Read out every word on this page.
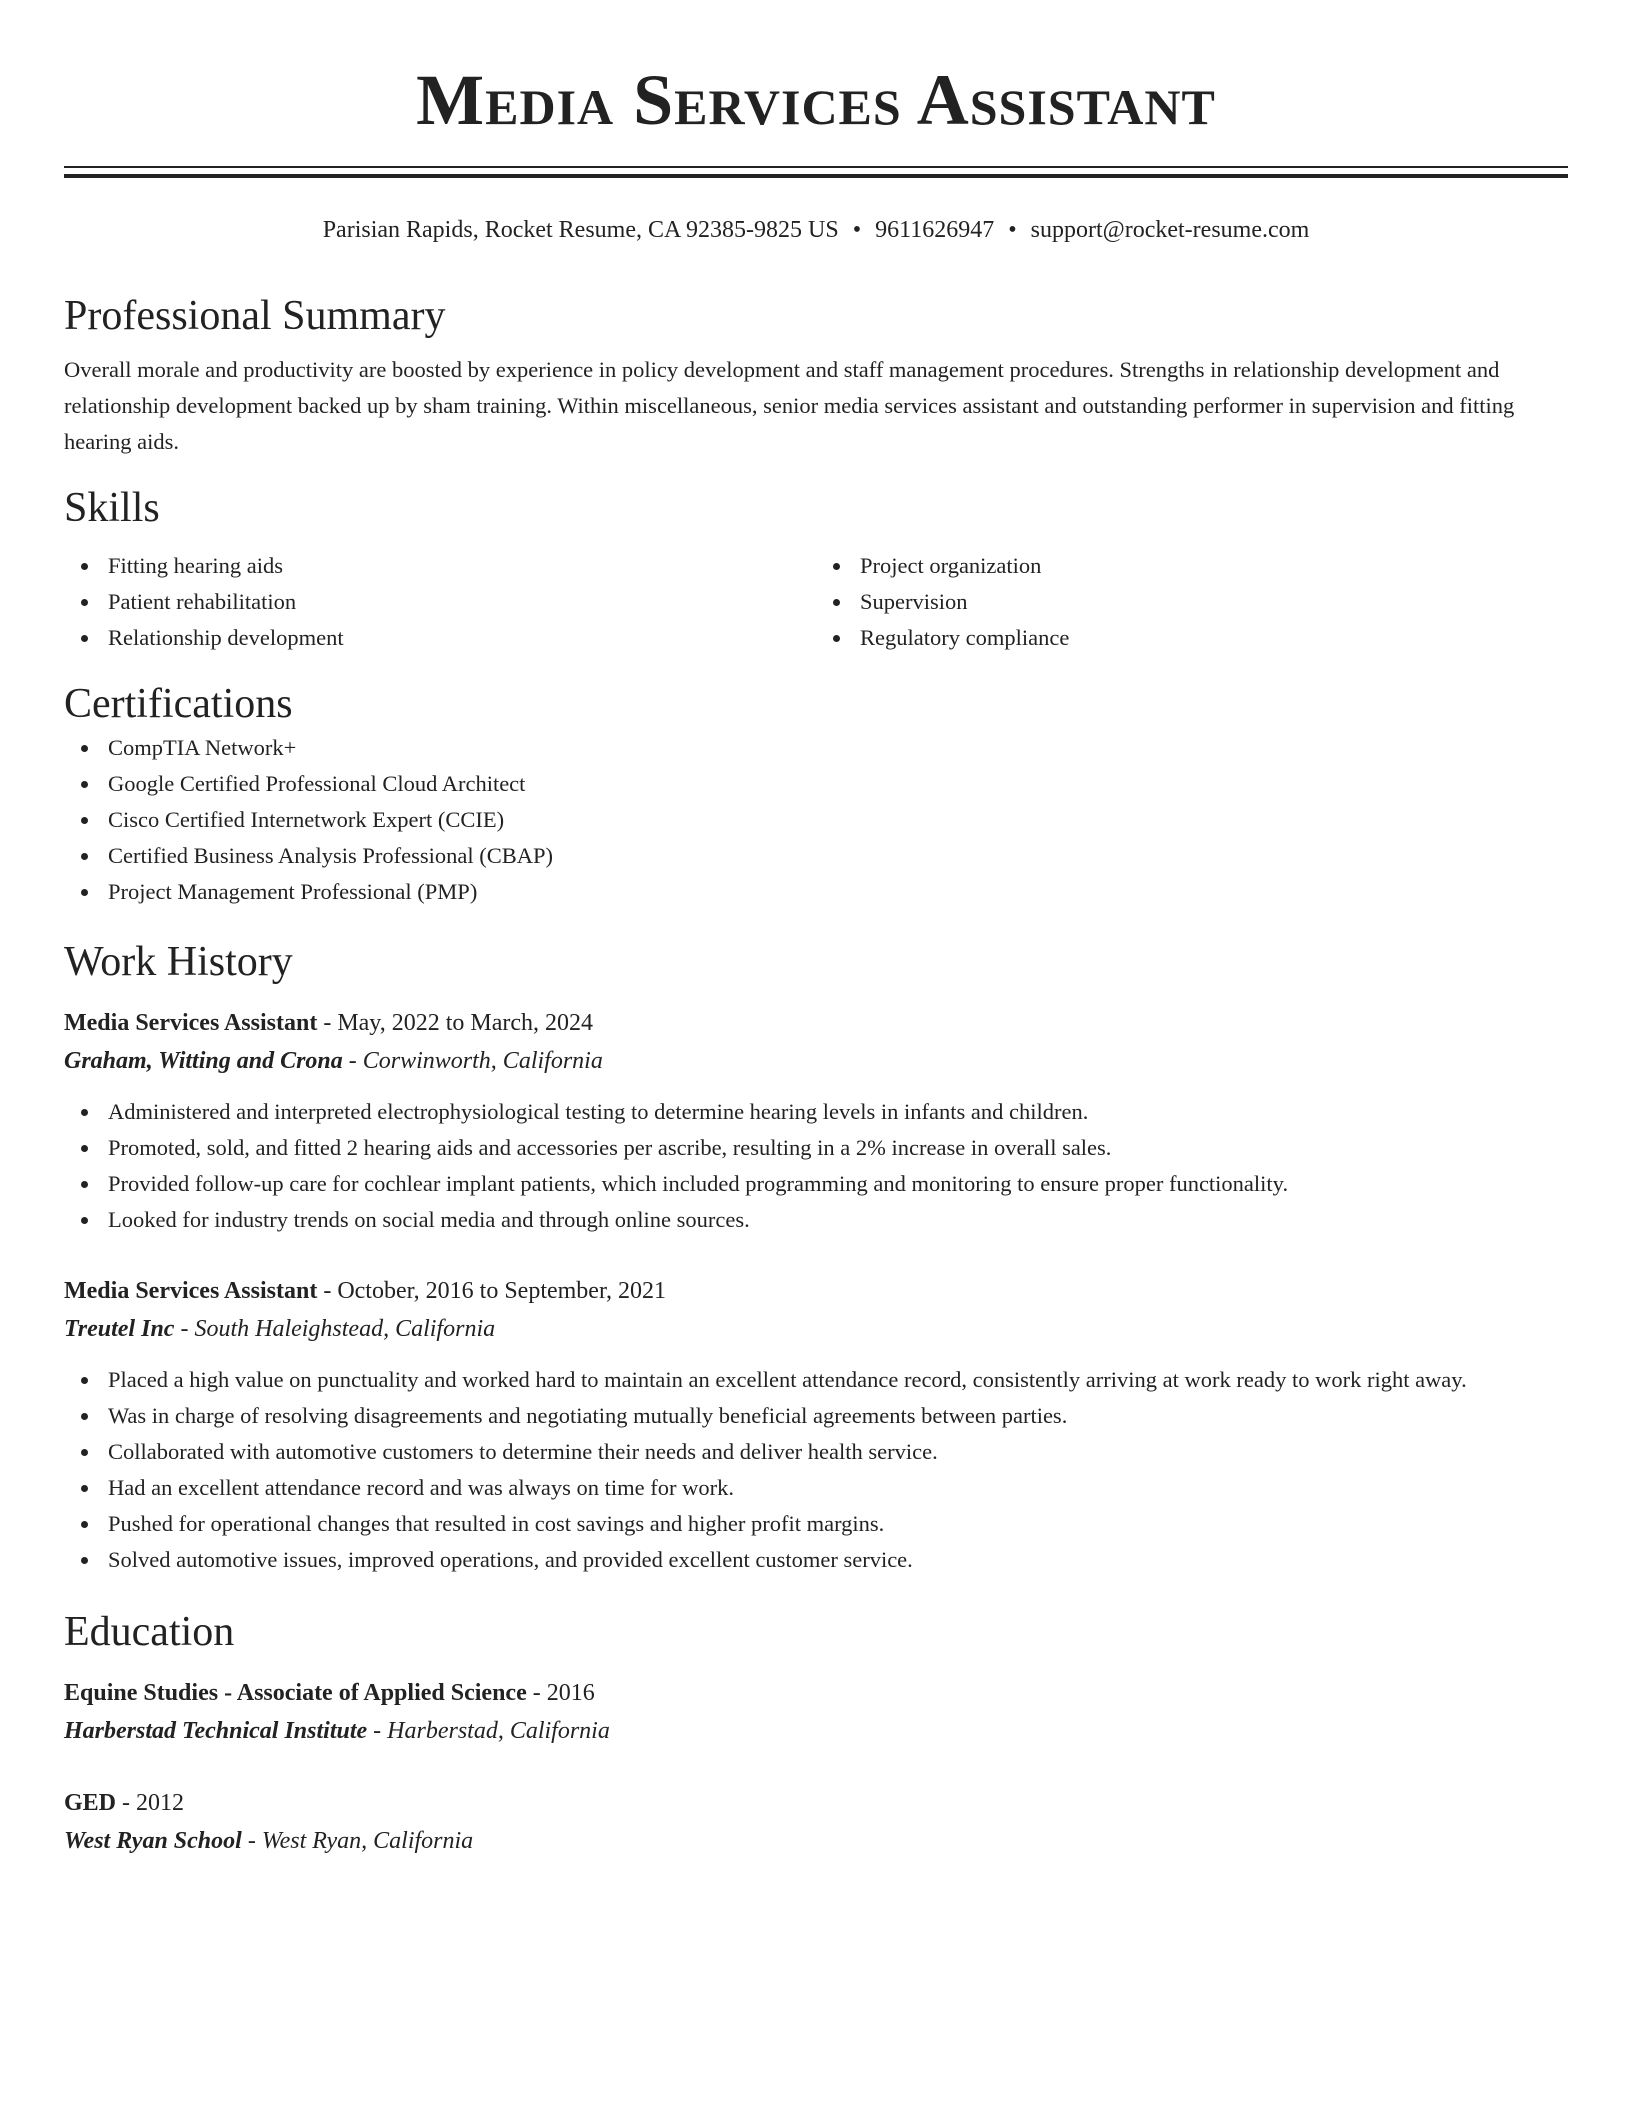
Media Services Assistant
Parisian Rapids, Rocket Resume, CA 92385-9825 US • 9611626947 • support@rocket-resume.com
Professional Summary

Overall morale and productivity are boosted by experience in policy development and staff management procedures. Strengths in relationship development and relationship development backed up by sham training. Within miscellaneous, senior media services assistant and outstanding performer in supervision and fitting hearing aids.

Skills
Fitting hearing aids
Patient rehabilitation
Relationship development
Project organization
Supervision
Regulatory compliance
Certifications
CompTIA Network+
Google Certified Professional Cloud Architect
Cisco Certified Internetwork Expert (CCIE)
Certified Business Analysis Professional (CBAP)
Project Management Professional (PMP)
Work History
Media Services Assistant - May, 2022 to March, 2024
Graham, Witting and Crona - Corwinworth, California
Administered and interpreted electrophysiological testing to determine hearing levels in infants and children.
Promoted, sold, and fitted 2 hearing aids and accessories per ascribe, resulting in a 2% increase in overall sales.
Provided follow-up care for cochlear implant patients, which included programming and monitoring to ensure proper functionality.
Looked for industry trends on social media and through online sources.
Media Services Assistant - October, 2016 to September, 2021
Treutel Inc - South Haleighstead, California
Placed a high value on punctuality and worked hard to maintain an excellent attendance record, consistently arriving at work ready to work right away.
Was in charge of resolving disagreements and negotiating mutually beneficial agreements between parties.
Collaborated with automotive customers to determine their needs and deliver health service.
Had an excellent attendance record and was always on time for work.
Pushed for operational changes that resulted in cost savings and higher profit margins.
Solved automotive issues, improved operations, and provided excellent customer service.
Education
Equine Studies - Associate of Applied Science - 2016
Harberstad Technical Institute - Harberstad, California
GED - 2012
West Ryan School - West Ryan, California
